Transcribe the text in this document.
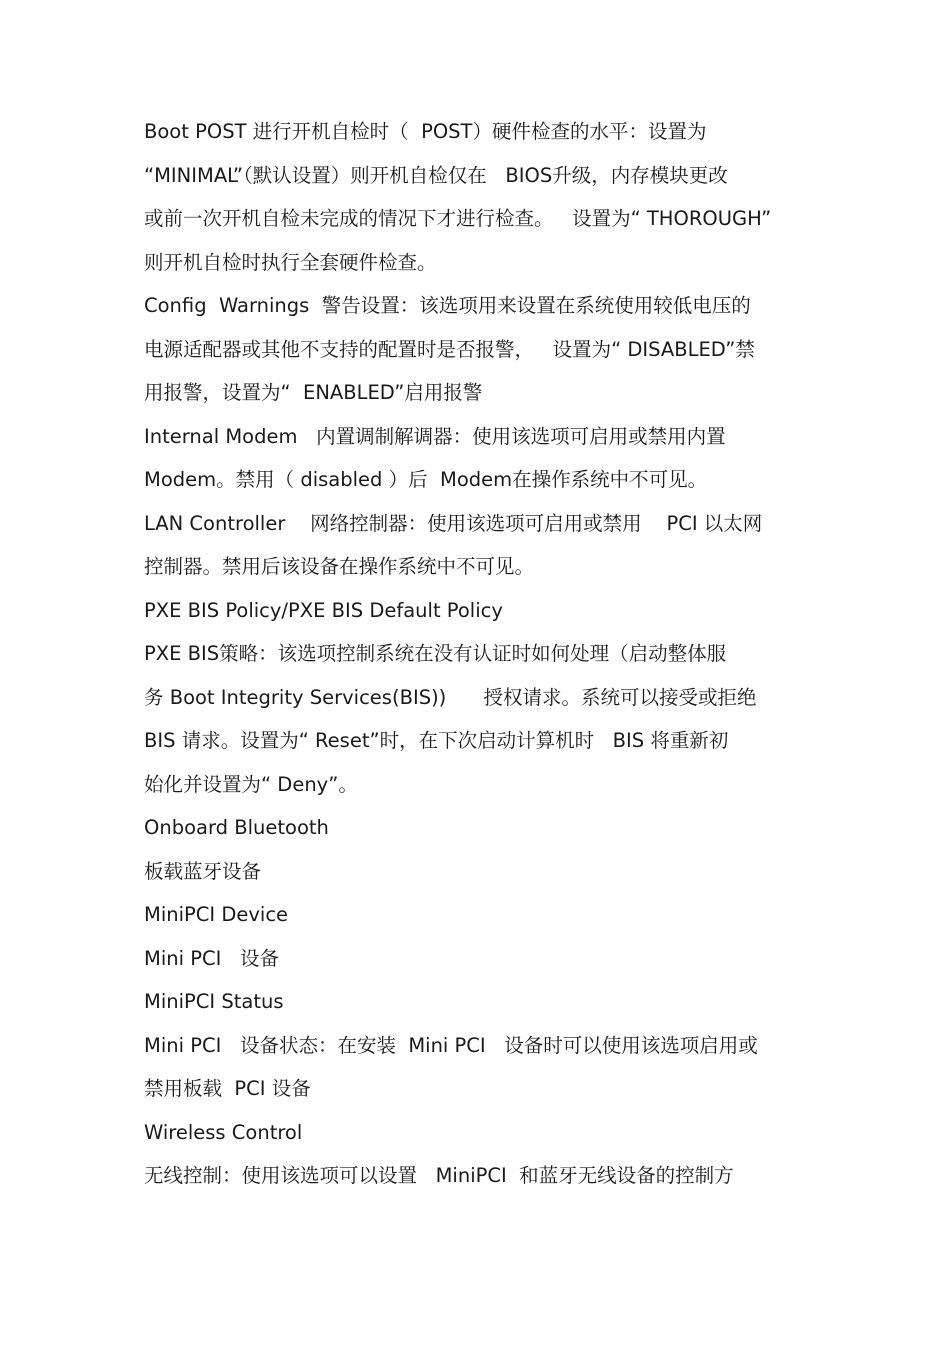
Boot POST 进行开机自检时（  POST）硬件检查的水平：设置为
“MINIMAL”（默认设置）则开机自检仅在   BIOS升级，内存模块更改
或前一次开机自检未完成的情况下才进行检查。   设置为“ THOROUGH”
则开机自检时执行全套硬件检查。
Config  Warnings  警告设置：该选项用来设置在系统使用较低电压的
电源适配器或其他不支持的配置时是否报警，   设置为“ DISABLED”禁
用报警，设置为“  ENABLED”启用报警
Internal Modem   内置调制解调器：使用该选项可启用或禁用内置
Modem。禁用（ disabled ）后  Modem在操作系统中不可见。
LAN Controller    网络控制器：使用该选项可启用或禁用    PCI 以太网
控制器。禁用后该设备在操作系统中不可见。
PXE BIS Policy/PXE BIS Default Policy
PXE BIS策略：该选项控制系统在没有认证时如何处理（启动整体服
务 Boot Integrity Services(BIS))      授权请求。系统可以接受或拒绝
BIS 请求。设置为“ Reset”时，在下次启动计算机时   BIS 将重新初
始化并设置为“ Deny”。
Onboard Bluetooth
板载蓝牙设备
MiniPCI Device
Mini PCI   设备
MiniPCI Status
Mini PCI   设备状态：在安装  Mini PCI   设备时可以使用该选项启用或
禁用板载  PCI 设备
Wireless Control
无线控制：使用该选项可以设置   MiniPCI  和蓝牙无线设备的控制方
